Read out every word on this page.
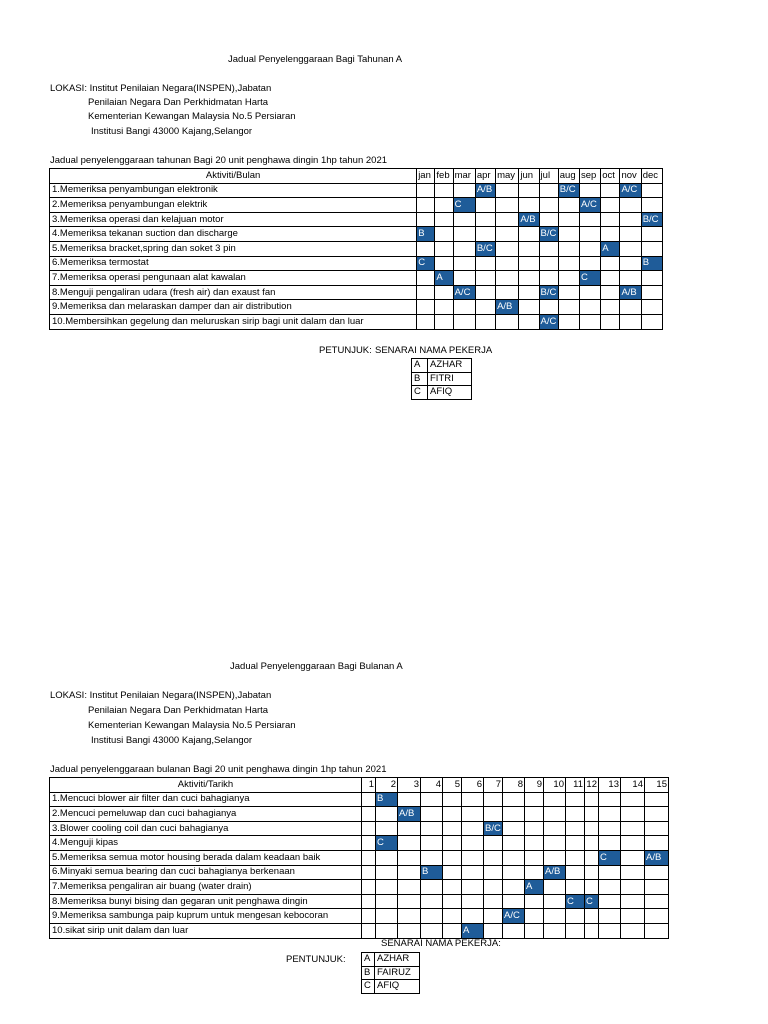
Jadual Penyelenggaraan Bagi Tahunan A
LOKASI: Institut Penilaian Negara(INSPEN),Jabatan
Penilaian Negara Dan Perkhidmatan Harta
Kementerian Kewangan Malaysia No.5 Persiaran
Institusi Bangi 43000 Kajang,Selangor
Jadual penyelenggaraan tahunan Bagi 20 unit penghawa dingin 1hp tahun 2021
Aktiviti/Bulan	jan	feb	mar	apr	may	jun	jul	aug	sep	oct	nov	dec
1.Memeriksa penyambungan elektronik				A/B				B/C			A/C	
2.Memeriksa penyambungan elektrik			C						A/C			
3.Memeriksa operasi dan kelajuan motor						A/B						B/C
4.Memeriksa tekanan suction dan discharge	B						B/C					
5.Memeriksa bracket,spring dan soket 3 pin				B/C						A		
6.Memeriksa termostat	C											B
7.Memeriksa operasi pengunaan alat kawalan		A							C			
8.Menguji pengaliran udara (fresh air) dan exaust fan			A/C				B/C				A/B	
9.Memeriksa dan melaraskan damper dan air distribution					A/B							
10.Membersihkan gegelung dan meluruskan sirip bagi unit dalam dan luar							A/C					
PETUNJUK: SENARAI NAMA PEKERJA
A	AZHAR
B	FITRI
C	AFIQ
Jadual Penyelenggaraan Bagi Bulanan A
LOKASI: Institut Penilaian Negara(INSPEN),Jabatan
Penilaian Negara Dan Perkhidmatan Harta
Kementerian Kewangan Malaysia No.5 Persiaran
Institusi Bangi 43000 Kajang,Selangor
Jadual penyelenggaraan bulanan Bagi 20 unit penghawa dingin 1hp tahun 2021
Aktiviti/Tarikh	1	2	3	4	5	6	7	8	9	10	11	12	13	14	15
1.Mencuci blower air filter dan cuci bahagianya		B													
2.Mencuci pemeluwap dan cuci bahagianya			A/B												
3.Blower cooling coil dan cuci bahagianya							B/C								
4.Menguji kipas		C													
5.Memeriksa semua motor housing berada dalam keadaan baik													C		A/B
6.Minyaki semua bearing dan cuci bahagianya berkenaan				B						A/B					
7.Memeriksa pengaliran air buang (water drain)									A						
8.Memeriksa bunyi bising dan gegaran unit penghawa dingin											C	C			
9.Memeriksa sambunga paip kuprum untuk mengesan kebocoran								A/C							
10.sikat sirip unit dalam dan luar						A									
SENARAI NAMA PEKERJA:
PENTUNJUK: A	AZHAR
B	FAIRUZ
C	AFIQ
